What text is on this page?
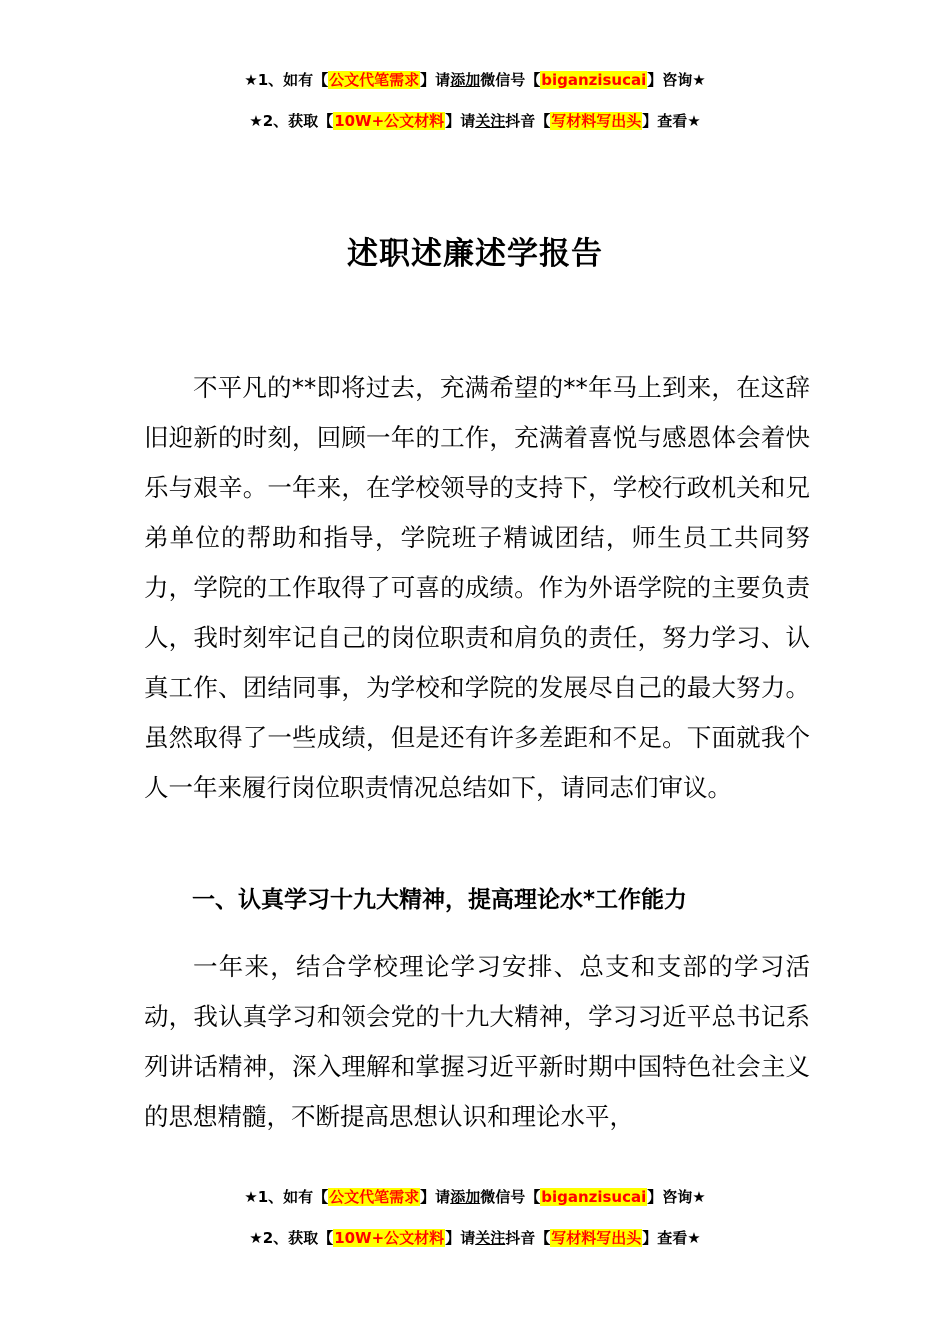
★1、如有【公文代笔需求】请添加微信号【biganzisucai】咨询★
★2、获取【10W+公文材料】请关注抖音【写材料写出头】查看★
述职述廉述学报告

不平凡的**即将过去，充满希望的**年马上到来，在这辞旧迎新的时刻，回顾一年的工作，充满着喜悦与感恩体会着快乐与艰辛。一年来，在学校领导的支持下，学校行政机关和兄弟单位的帮助和指导，学院班子精诚团结，师生员工共同努力，学院的工作取得了可喜的成绩。作为外语学院的主要负责人，我时刻牢记自己的岗位职责和肩负的责任，努力学习、认真工作、团结同事，为学校和学院的发展尽自己的最大努力。虽然取得了一些成绩，但是还有许多差距和不足。下面就我个人一年来履行岗位职责情况总结如下，请同志们审议。

一、认真学习十九大精神，提高理论水*工作能力

一年来，结合学校理论学习安排、总支和支部的学习活动，我认真学习和领会党的十九大精神，学习习近平总书记系列讲话精神，深入理解和掌握习近平新时期中国特色社会主义的思想精髓，不断提高思想认识和理论水平，

★1、如有【公文代笔需求】请添加微信号【biganzisucai】咨询★
★2、获取【10W+公文材料】请关注抖音【写材料写出头】查看★
